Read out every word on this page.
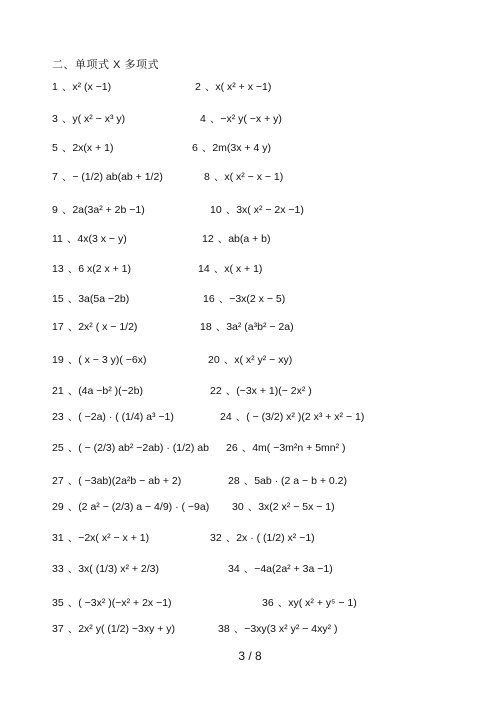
二、单项式 X 多项式
1 、x² (x −1)	2 、x( x² + x −1)
3 、y( x² − x³ y)	4 、−x² y( −x + y)
5 、2x(x + 1)	6 、2m(3x + 4 y)
7 、− (1/2) ab(ab + 1/2)	8 、x( x² − x − 1)
9 、2a(3a² + 2b −1)	10 、3x( x² − 2x −1)
11 、4x(3 x − y)	12 、ab(a + b)
13 、6 x(2 x + 1)	14 、x( x + 1)
15 、3a(5a −2b)	16 、−3x(2 x − 5)
17 、2x² ( x − 1/2)	18 、3a² (a³b² − 2a)
19 、( x − 3 y)( −6x)	20 、x( x² y² − xy)
21 、(4a −b² )(−2b)	22 、(−3x + 1)(− 2x² )
23 、( −2a) · ( (1/4) a³ −1)	24 、( − (3/2) x² )(2 x³ + x² − 1)
25 、( − (2/3) ab² −2ab) · (1/2) ab 26 、4m( −3m²n + 5mn² )
27 、( −3ab)(2a²b − ab + 2)	28 、5ab · (2 a − b + 0.2)
29 、(2 a² − (2/3) a − 4/9) · ( −9a) 30 、3x(2 x² − 5x − 1)
31 、−2x( x² − x + 1)	32 、2x · ( (1/2) x² −1)
33 、3x( (1/3) x² + 2/3)	34 、−4a(2a² + 3a −1)
35 、( −3x² )(−x² + 2x −1)	36 、xy( x² + y⁵ − 1)
37 、2x² y( (1/2) −3xy + y)	38 、−3xy(3 x² y² − 4xy² )
3 / 8
